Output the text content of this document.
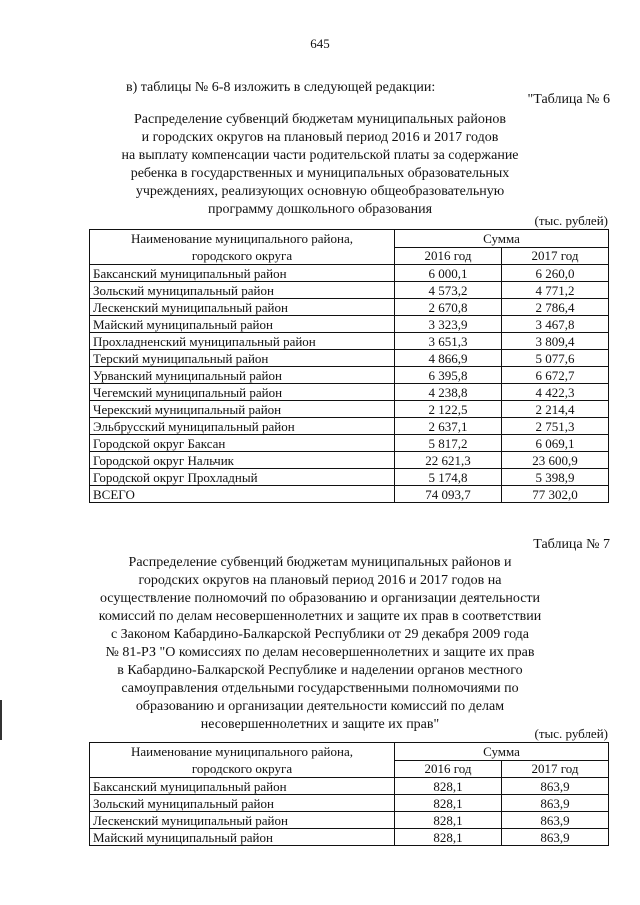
645
в) таблицы № 6-8 изложить в следующей редакции:
"Таблица № 6
Распределение субвенций бюджетам муниципальных районов
и городских округов на плановый период 2016 и 2017 годов
на выплату компенсации части родительской платы за содержание
ребенка в государственных и муниципальных образовательных
учреждениях, реализующих основную общеобразовательную
программу дошкольного образования
(тыс. рублей)
Наименование муниципального района,
городского округа	Сумма	
	2016 год	2017 год
Баксанский муниципальный район	6 000,1	6 260,0
Зольский муниципальный район	4 573,2	4 771,2
Лескенский муниципальный район	2 670,8	2 786,4
Майский муниципальный район	3 323,9	3 467,8
Прохладненский муниципальный район	3 651,3	3 809,4
Терский муниципальный район	4 866,9	5 077,6
Урванский муниципальный район	6 395,8	6 672,7
Чегемский муниципальный район	4 238,8	4 422,3
Черекский муниципальный район	2 122,5	2 214,4
Эльбрусский муниципальный район	2 637,1	2 751,3
Городской округ Баксан	5 817,2	6 069,1
Городской округ Нальчик	22 621,3	23 600,9
Городской округ Прохладный	5 174,8	5 398,9
ВСЕГО	74 093,7	77 302,0
Таблица № 7
Распределение субвенций бюджетам муниципальных районов и
городских округов на плановый период 2016 и 2017 годов на
осуществление полномочий по образованию и организации деятельности
комиссий по делам несовершеннолетних и защите их прав в соответствии
с Законом Кабардино-Балкарской Республики от 29 декабря 2009 года
№ 81-РЗ "О комиссиях по делам несовершеннолетних и защите их прав
в Кабардино-Балкарской Республике и наделении органов местного
самоуправления отдельными государственными полномочиями по
образованию и организации деятельности комиссий по делам
несовершеннолетних и защите их прав"
(тыс. рублей)
Наименование муниципального района,
городского округа	Сумма	
	2016 год	2017 год
Баксанский муниципальный район	828,1	863,9
Зольский муниципальный район	828,1	863,9
Лескенский муниципальный район	828,1	863,9
Майский муниципальный район	828,1	863,9
